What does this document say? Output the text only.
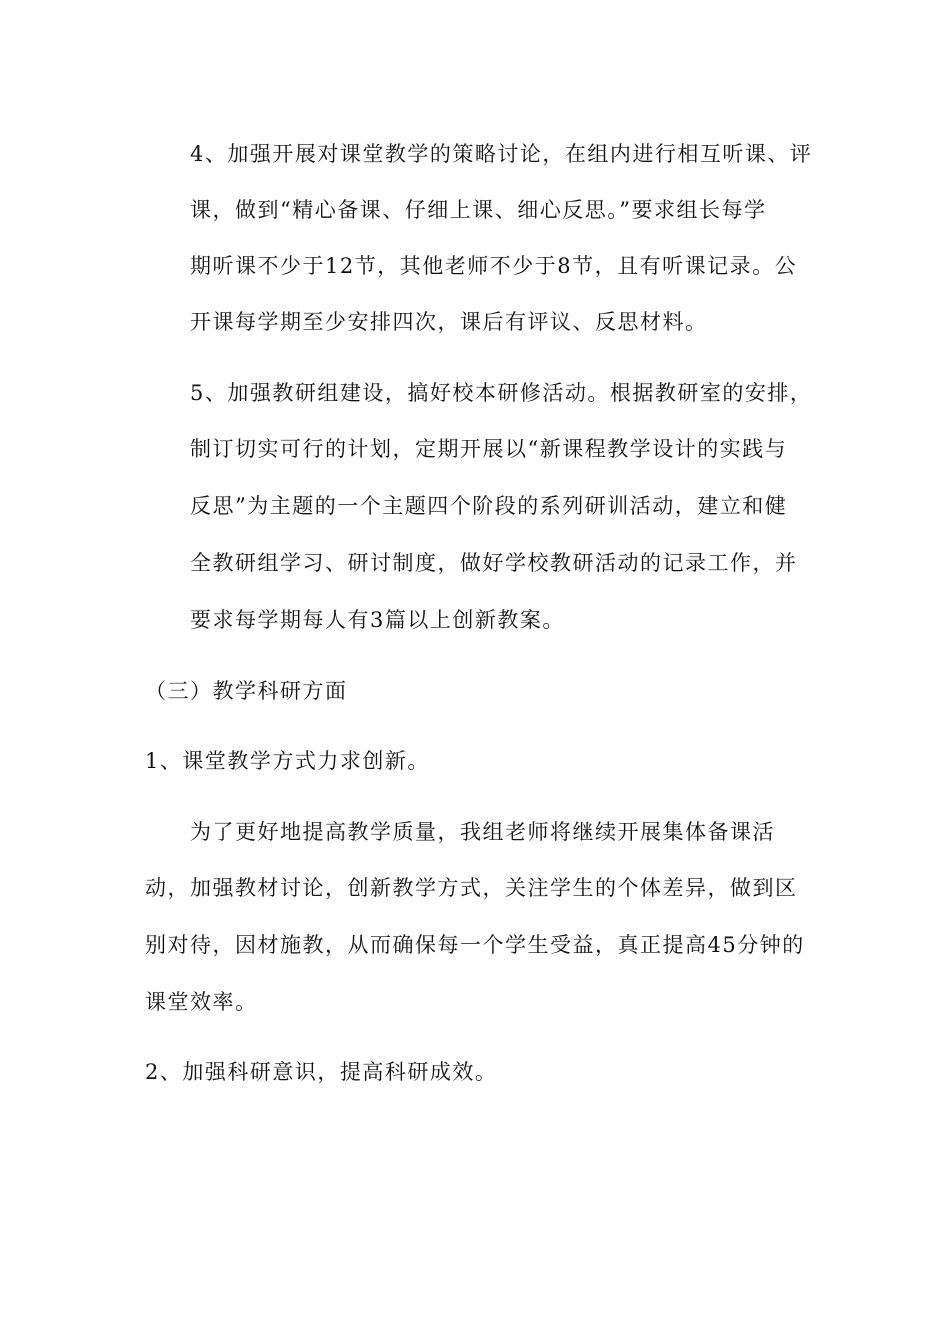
4、加强开展对课堂教学的策略讨论，在组内进行相互听课、评
课，做到“精心备课、仔细上课、细心反思。”要求组长每学
期听课不少于12节，其他老师不少于8节，且有听课记录。公
开课每学期至少安排四次，课后有评议、反思材料。
5、加强教研组建设，搞好校本研修活动。根据教研室的安排，
制订切实可行的计划，定期开展以“新课程教学设计的实践与
反思”为主题的一个主题四个阶段的系列研训活动，建立和健
全教研组学习、研讨制度，做好学校教研活动的记录工作，并
要求每学期每人有3篇以上创新教案。
（三）教学科研方面
1、课堂教学方式力求创新。
为了更好地提高教学质量，我组老师将继续开展集体备课活
动，加强教材讨论，创新教学方式，关注学生的个体差异，做到区
别对待，因材施教，从而确保每一个学生受益，真正提高45分钟的
课堂效率。
2、加强科研意识，提高科研成效。
